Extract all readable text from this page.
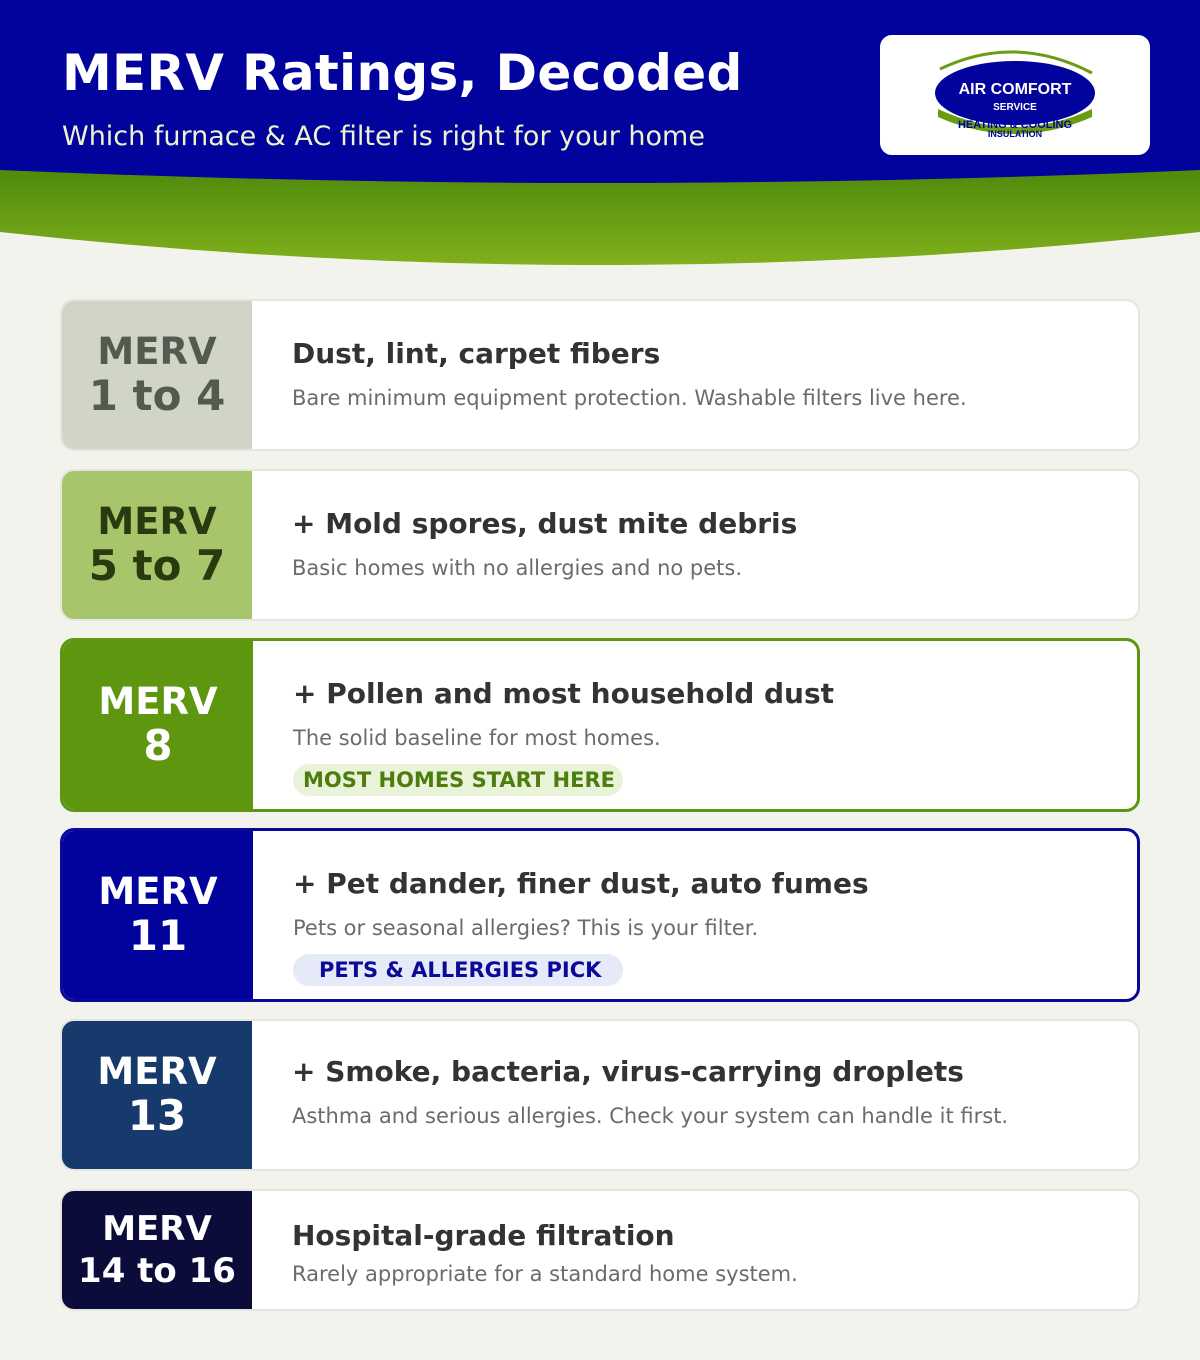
MERV Ratings, Decoded
Which furnace & AC filter is right for your home
AIR COMFORT
SERVICE
HEATING & COOLING
INSULATION
MERV
1 to 4
Dust, lint, carpet fibers
Bare minimum equipment protection. Washable filters live here.
MERV
5 to 7
+ Mold spores, dust mite debris
Basic homes with no allergies and no pets.
MERV
8
+ Pollen and most household dust
The solid baseline for most homes.
MOST HOMES START HERE
MERV
11
+ Pet dander, finer dust, auto fumes
Pets or seasonal allergies? This is your filter.
PETS & ALLERGIES PICK
MERV
13
+ Smoke, bacteria, virus-carrying droplets
Asthma and serious allergies. Check your system can handle it first.
MERV
14 to 16
Hospital-grade filtration
Rarely appropriate for a standard home system.
